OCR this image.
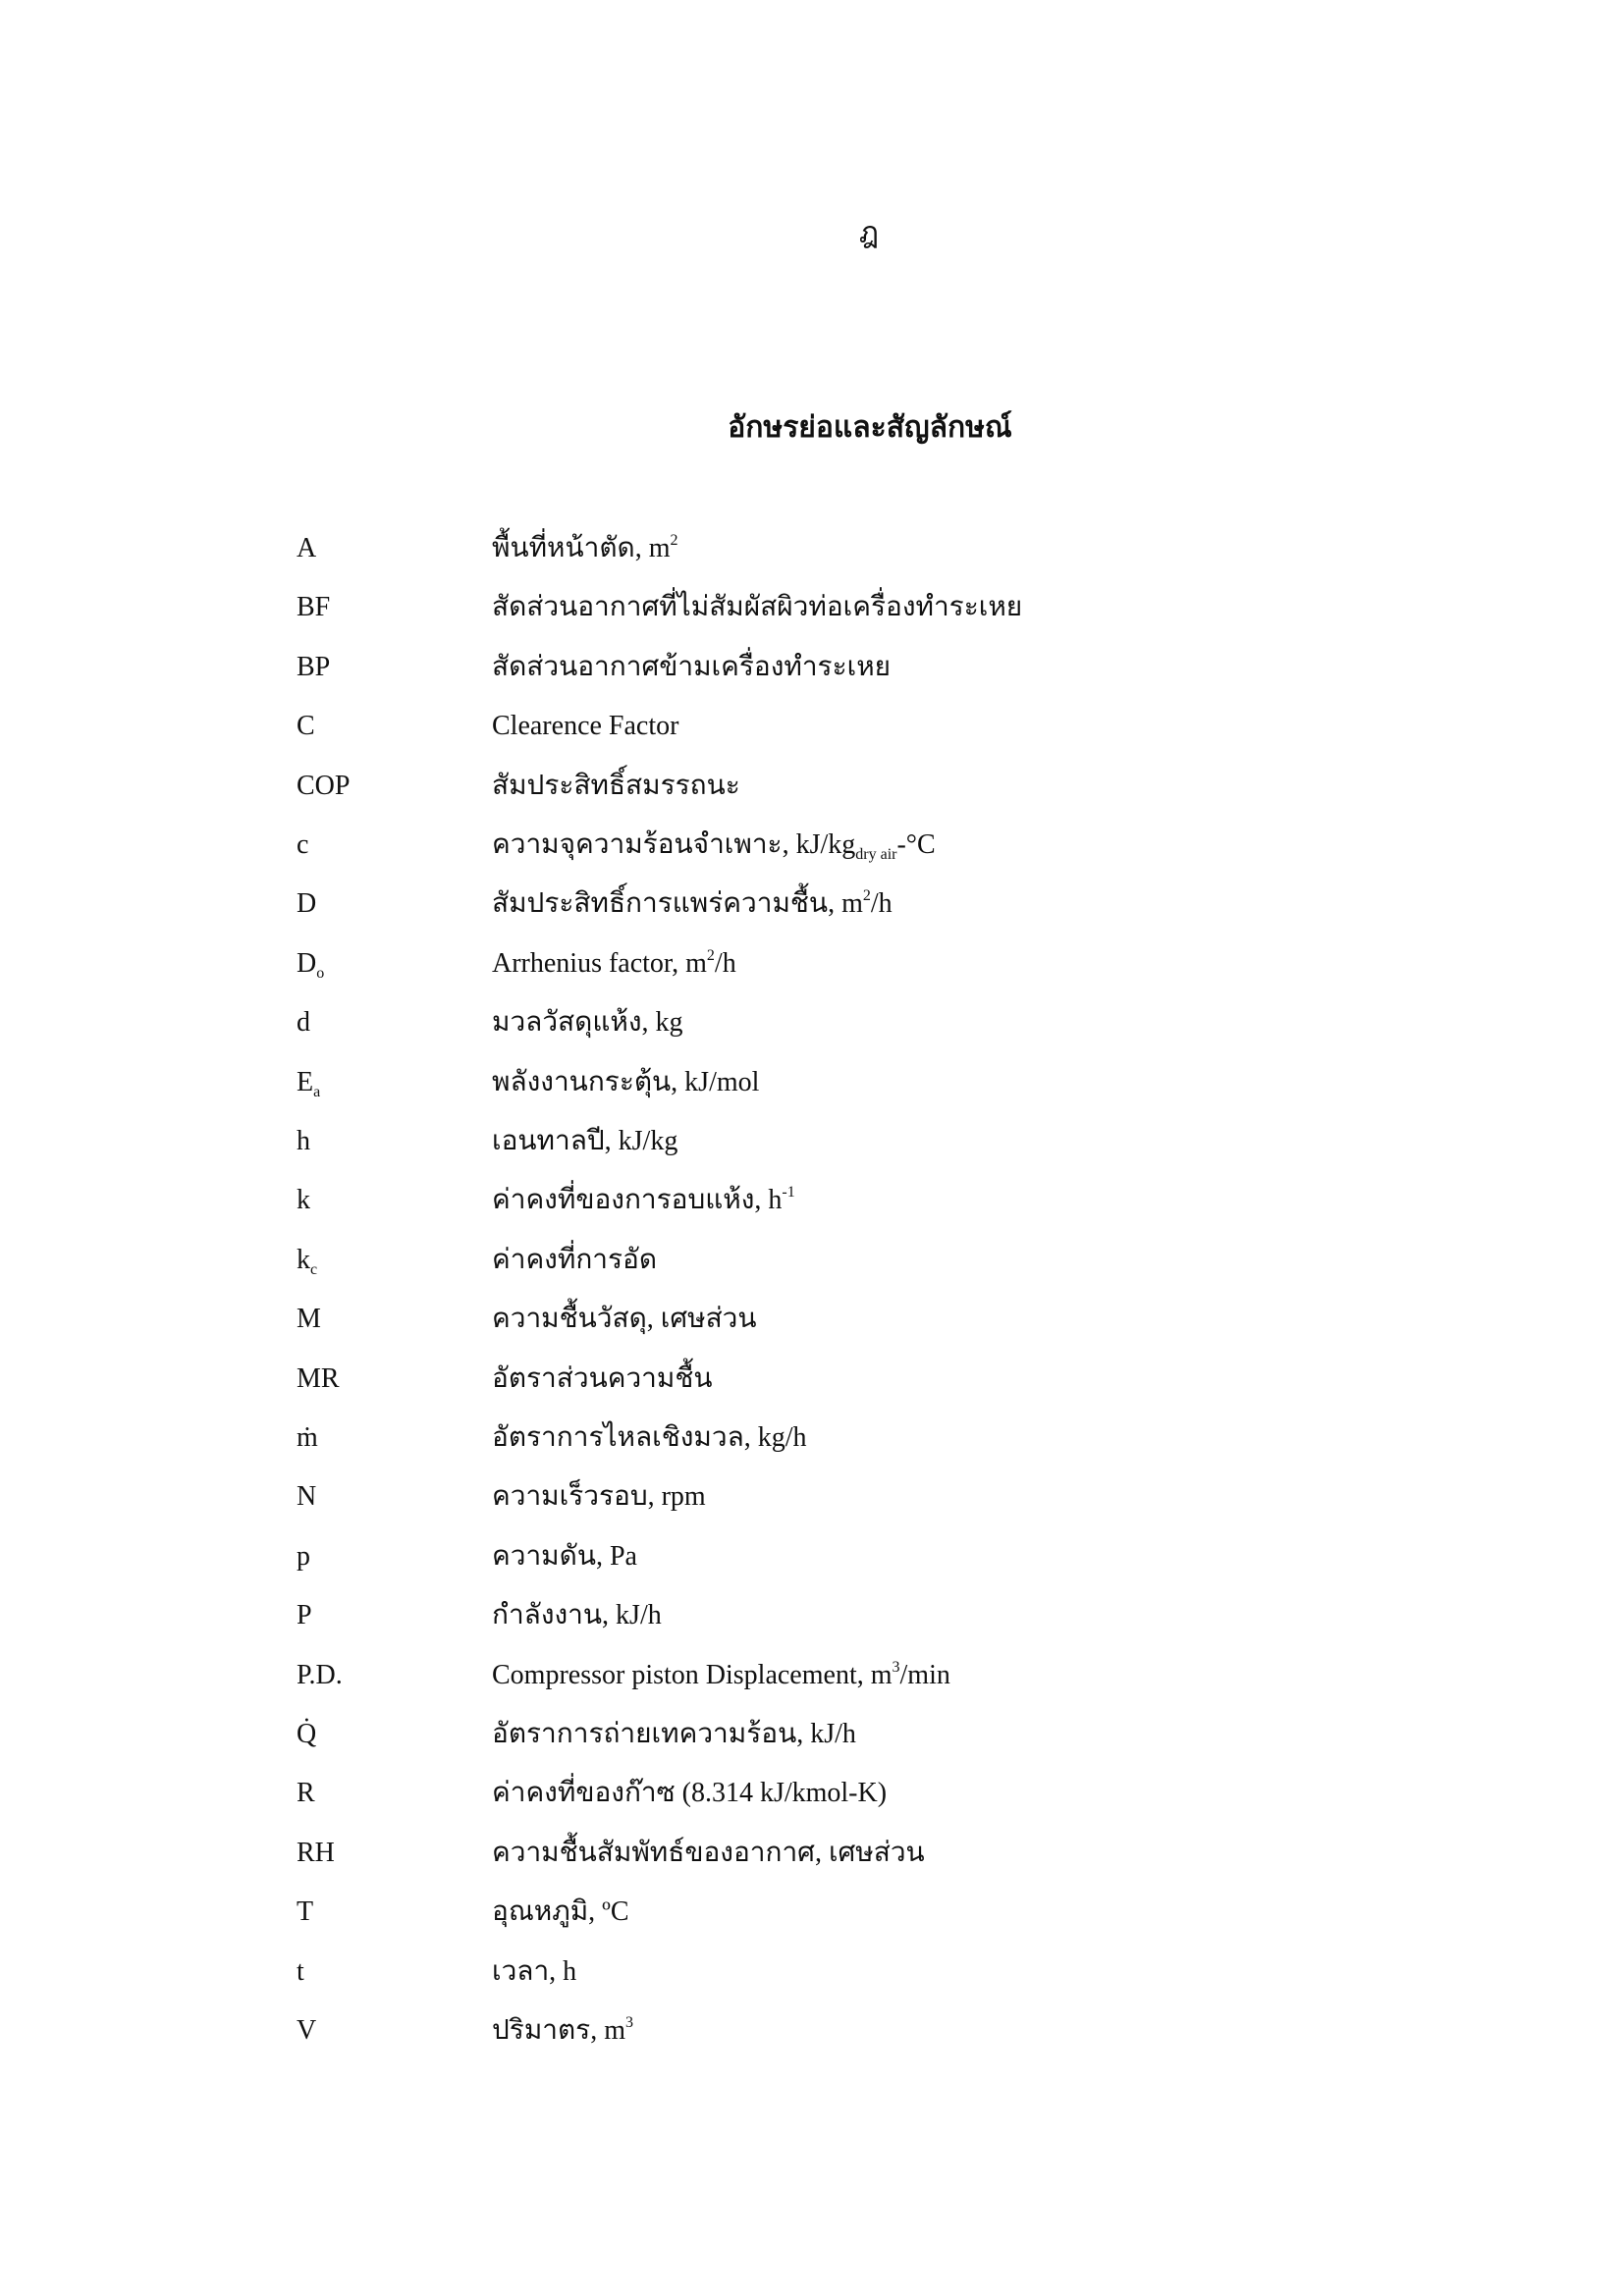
ฎ
อักษรย่อและสัญลักษณ์
A	พื้นที่หน้าตัด, $m^2$
BF	สัดส่วนอากาศที่ไม่สัมผัสผิวท่อเครื่องทำระเหย
BP	สัดส่วนอากาศข้ามเครื่องทำระเหย
C	Clearence Factor
COP	สัมประสิทธิ์สมรรถนะ
c	ความจุความร้อนจำเพาะ, $kJ/kg_{dry air}-^\circ C$
D	สัมประสิทธิ์การแพร่ความชื้น, $m^2/h$
$D_o$	Arrhenius factor, $m^2/h$
d	มวลวัสดุแห้ง, kg
$E_a$	พลังงานกระตุ้น, kJ/mol
h	เอนทาลปี, kJ/kg
k	ค่าคงที่ของการอบแห้ง, $h^{-1}$
$k_c$	ค่าคงที่การอัด
M	ความชื้นวัสดุ, เศษส่วน
MR	อัตราส่วนความชื้น
ṁ	อัตราการไหลเชิงมวล, kg/h
N	ความเร็วรอบ, rpm
p	ความดัน, Pa
P	กำลังงาน, kJ/h
P.D.	Compressor piston Displacement, $m^3/\min$
Q̇	อัตราการถ่ายเทความร้อน, kJ/h
R	ค่าคงที่ของก๊าซ (8.314 kJ/kmol-K)
RH	ความชื้นสัมพัทธ์ของอากาศ, เศษส่วน
T	อุณหภูมิ, ºC
t	เวลา, h
V	ปริมาตร, $m^3$
